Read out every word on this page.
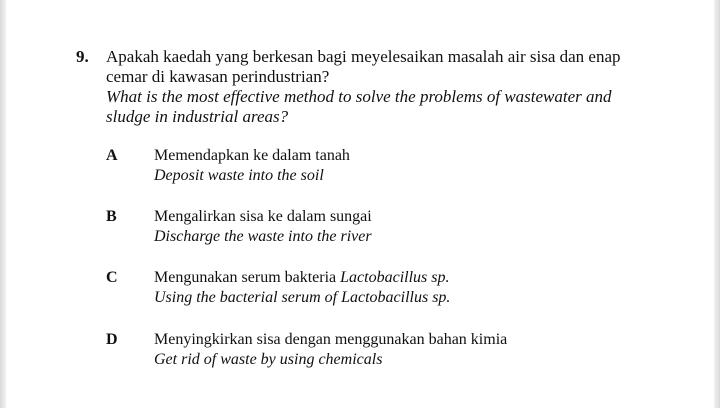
9. Apakah kaedah yang berkesan bagi meyelesaikan masalah air sisa dan enap
cemar di kawasan perindustrian?
What is the most effective method to solve the problems of wastewater and
sludge in industrial areas?
A Memendapkan ke dalam tanah
Deposit waste into the soil
B Mengalirkan sisa ke dalam sungai
Discharge the waste into the river
C Mengunakan serum bakteria Lactobacillus sp.
Using the bacterial serum of Lactobacillus sp.
D Menyingkirkan sisa dengan menggunakan bahan kimia
Get rid of waste by using chemicals
